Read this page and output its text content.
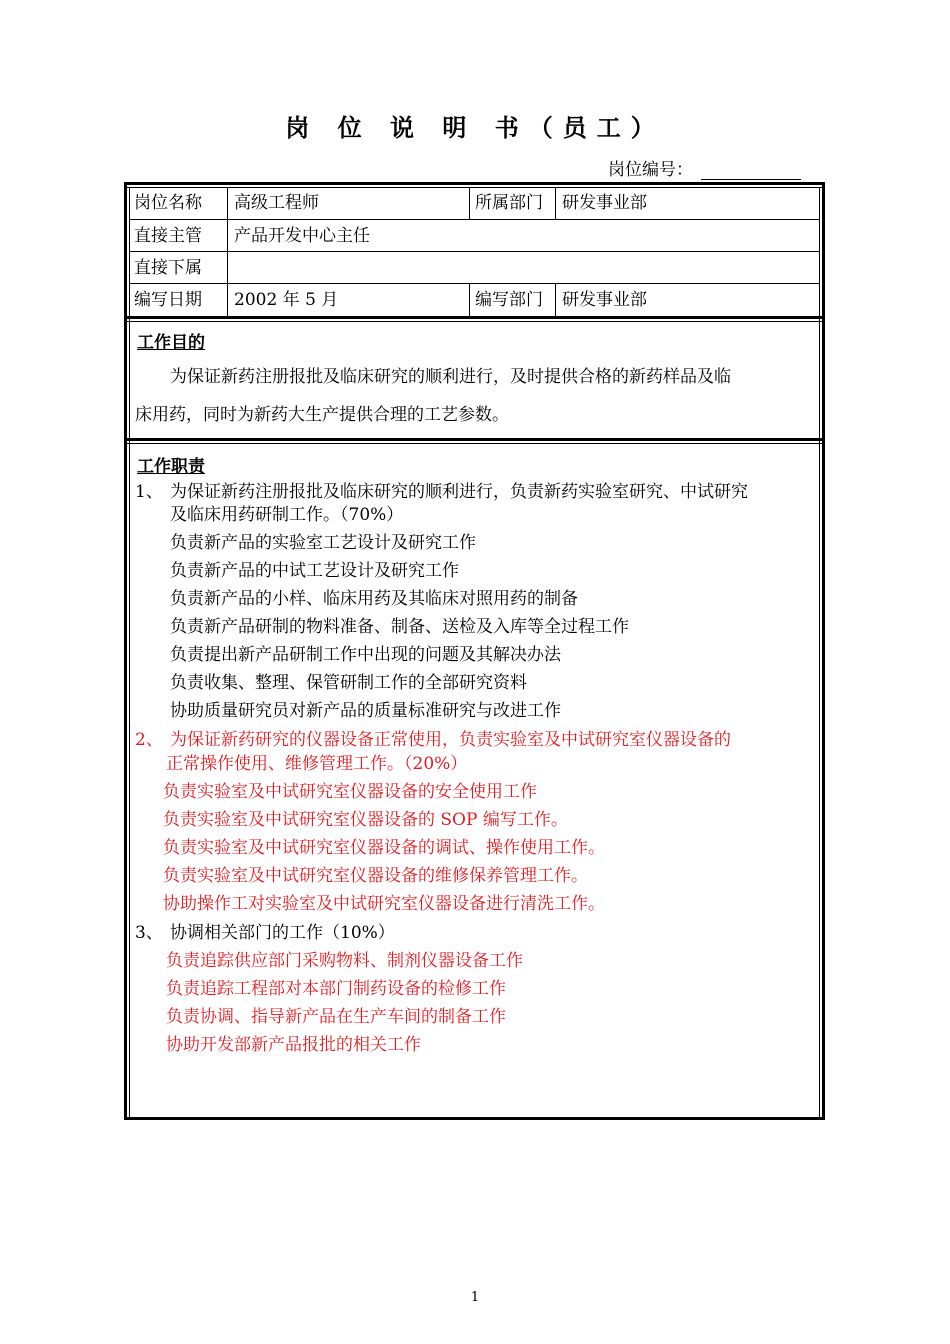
岗 位 说 明 书（员工）
岗位编号：
岗位名称 高级工程师	所属部门 研发事业部
直接主管 产品开发中心主任
直接下属
编写日期 2002 年 5 月	编写部门 研发事业部
工作目的
为保证新药注册报批及临床研究的顺利进行，及时提供合格的新药样品及临
床用药，同时为新药大生产提供合理的工艺参数。
工作职责
1、 为保证新药注册报批及临床研究的顺利进行，负责新药实验室研究、中试研究
及临床用药研制工作。（70%）
负责新产品的实验室工艺设计及研究工作
负责新产品的中试工艺设计及研究工作
负责新产品的小样、临床用药及其临床对照用药的制备
负责新产品研制的物料准备、制备、送检及入库等全过程工作
负责提出新产品研制工作中出现的问题及其解决办法
负责收集、整理、保管研制工作的全部研究资料
协助质量研究员对新产品的质量标准研究与改进工作
2、 为保证新药研究的仪器设备正常使用，负责实验室及中试研究室仪器设备的
正常操作使用、维修管理工作。（20%）
负责实验室及中试研究室仪器设备的安全使用工作
负责实验室及中试研究室仪器设备的 SOP 编写工作。
负责实验室及中试研究室仪器设备的调试、操作使用工作。
负责实验室及中试研究室仪器设备的维修保养管理工作。
协助操作工对实验室及中试研究室仪器设备进行清洗工作。
3、 协调相关部门的工作（10%）
负责追踪供应部门采购物料、制剂仪器设备工作
负责追踪工程部对本部门制药设备的检修工作
负责协调、指导新产品在生产车间的制备工作
协助开发部新产品报批的相关工作
1
